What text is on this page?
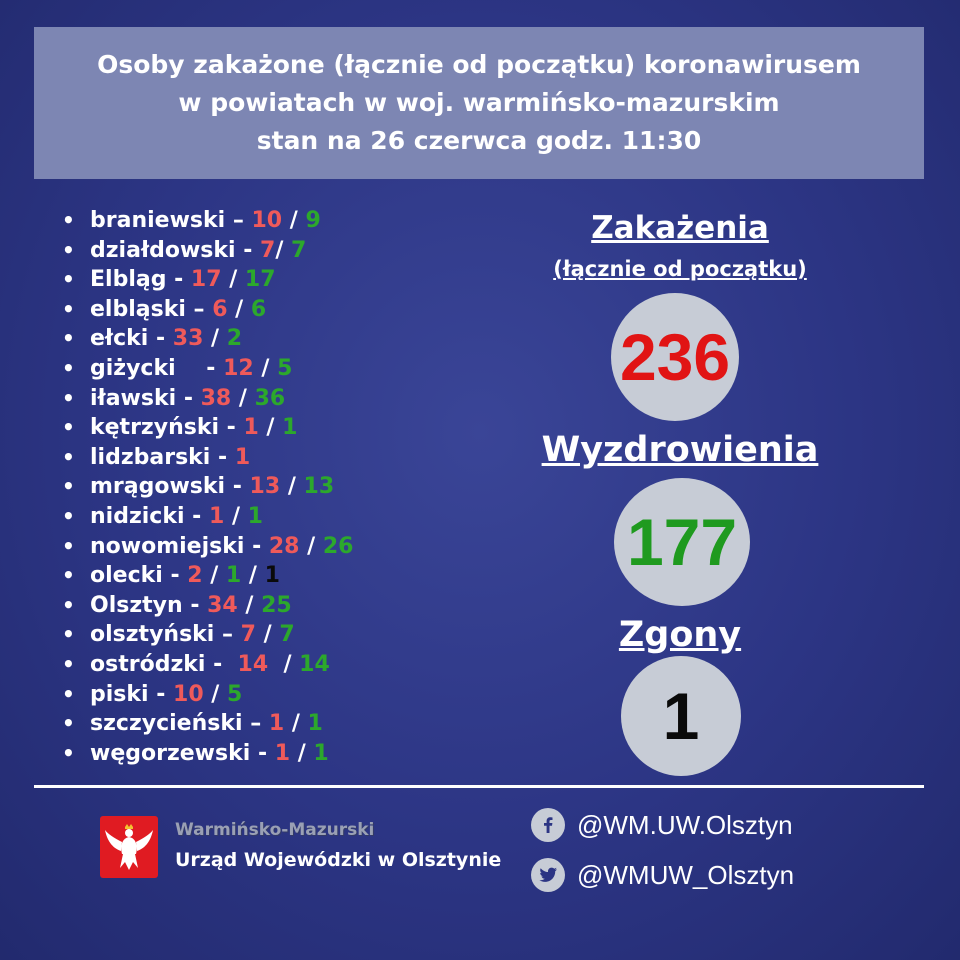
Osoby zakażone (łącznie od początku) koronawirusem
w powiatach w woj. warmińsko-mazurskim
stan na 26 czerwca godz. 11:30
• braniewski – 10 / 9
• działdowski - 7/ 7
• Elbląg - 17 / 17
• elbląski – 6 / 6
• ełcki - 33 / 2
• giżycki    - 12 / 5
• iławski - 38 / 36
• kętrzyński - 1 / 1
• lidzbarski - 1
• mrągowski - 13 / 13
• nidzicki - 1 / 1
• nowomiejski - 28 / 26
• olecki - 2 / 1 / 1
• Olsztyn - 34 / 25
• olsztyński – 7 / 7
• ostródzki -  14  / 14
• piski - 10 / 5
• szczycieński – 1 / 1
• węgorzewski - 1 / 1
Zakażenia
(łącznie od początku)
236
Wyzdrowienia
177
Zgony
1
Warmińsko-Mazurski
Urząd Wojewódzki w Olsztynie
@WM.UW.Olsztyn
@WMUW_Olsztyn
